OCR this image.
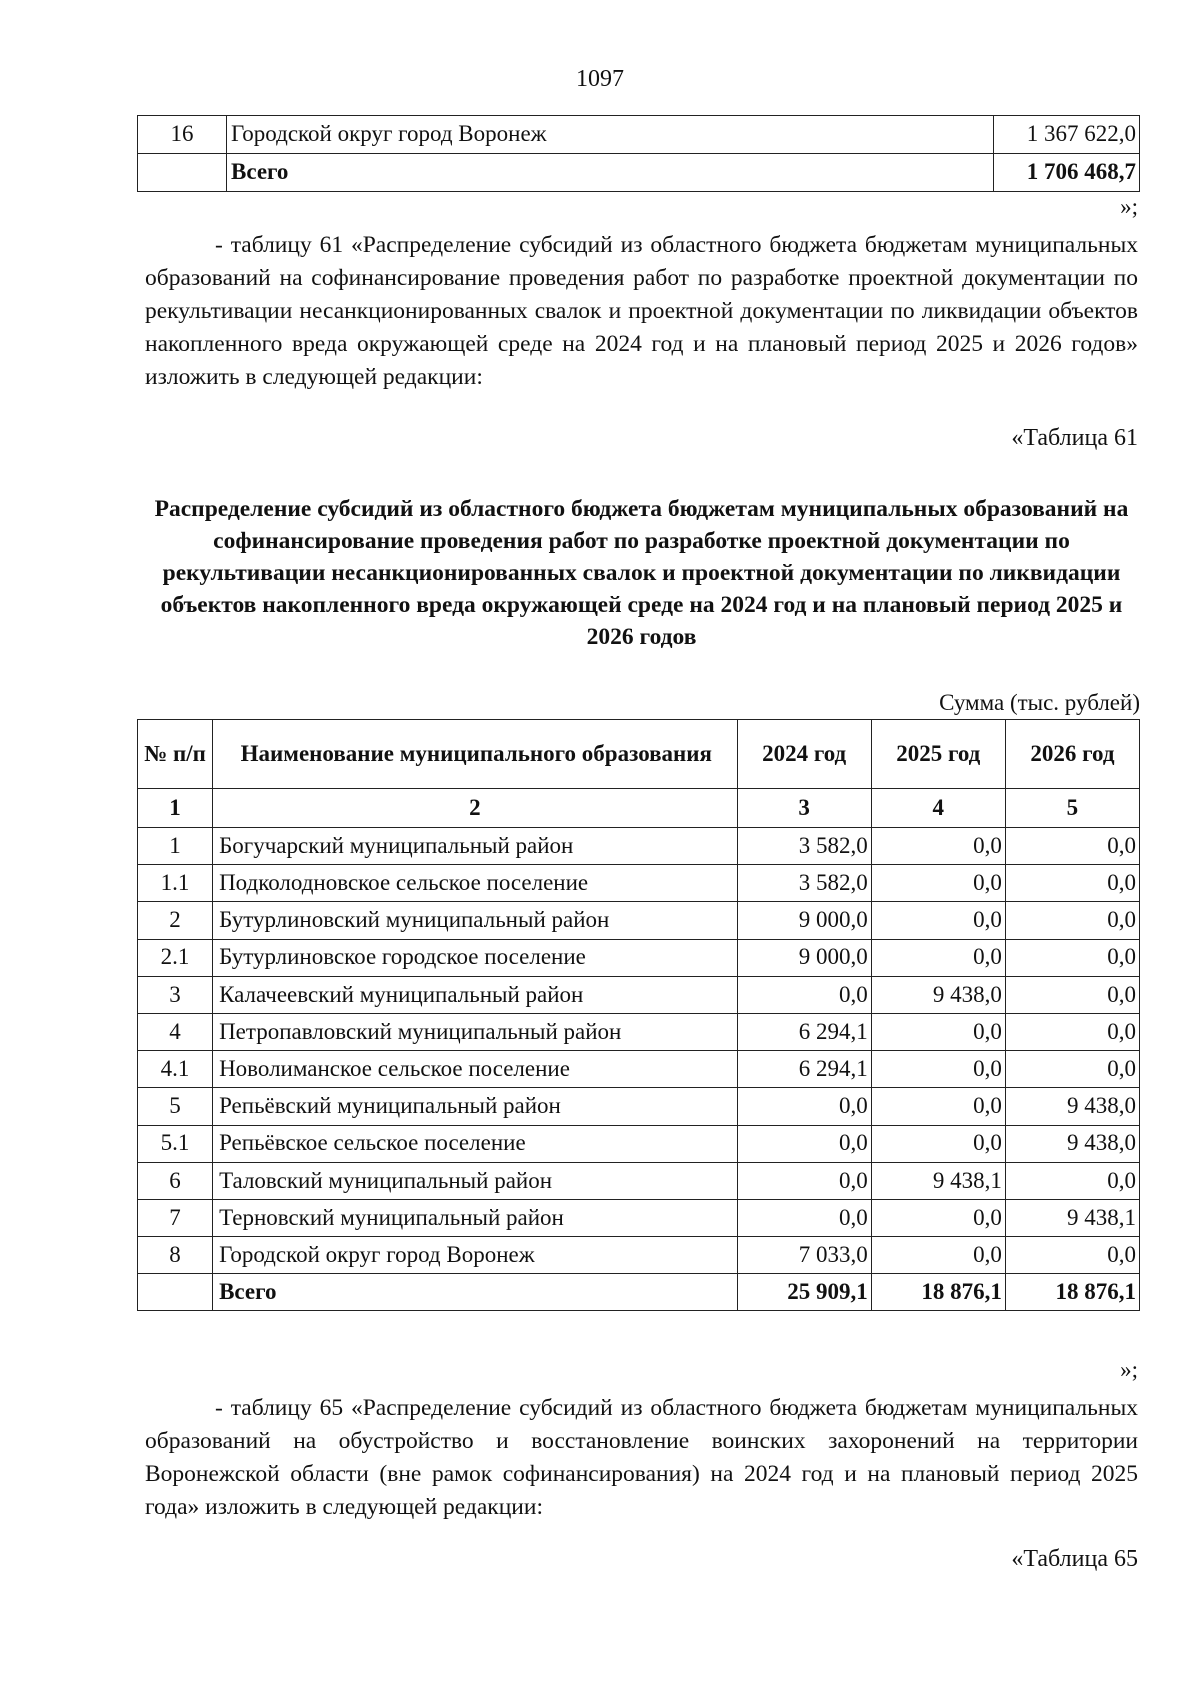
1097
16	Городской округ город Воронеж	1 367 622,0
	Всего	1 706 468,7
»;

- таблицу 61 «Распределение субсидий из областного бюджета бюджетам муниципальных образований на софинансирование проведения работ по разработке проектной документации по рекультивации несанкционированных свалок и проектной документации по ликвидации объектов накопленного вреда окружающей среде на 2024 год и на плановый период 2025 и 2026 годов» изложить в следующей редакции:

«Таблица 61

Распределение субсидий из областного бюджета бюджетам муниципальных образований на софинансирование проведения работ по разработке проектной документации по рекультивации несанкционированных свалок и проектной документации по ликвидации объектов накопленного вреда окружающей среде на 2024 год и на плановый период 2025 и 2026 годов

Сумма (тыс. рублей)
№ п/п	Наименование муниципального образования	2024 год	2025 год	2026 год
1	2	3	4	5
1	Богучарский муниципальный район	3 582,0	0,0	0,0
1.1	Подколодновское сельское поселение	3 582,0	0,0	0,0
2	Бутурлиновский муниципальный район	9 000,0	0,0	0,0
2.1	Бутурлиновское городское поселение	9 000,0	0,0	0,0
3	Калачеевский муниципальный район	0,0	9 438,0	0,0
4	Петропавловский муниципальный район	6 294,1	0,0	0,0
4.1	Новолиманское сельское поселение	6 294,1	0,0	0,0
5	Репьёвский муниципальный район	0,0	0,0	9 438,0
5.1	Репьёвское сельское поселение	0,0	0,0	9 438,0
6	Таловский муниципальный район	0,0	9 438,1	0,0
7	Терновский муниципальный район	0,0	0,0	9 438,1
8	Городской округ город Воронеж	7 033,0	0,0	0,0
	Всего	25 909,1	18 876,1	18 876,1
»;

- таблицу 65 «Распределение субсидий из областного бюджета бюджетам муниципальных образований на обустройство и восстановление воинских захоронений на территории Воронежской области (вне рамок софинансирования) на 2024 год и на плановый период 2025 года» изложить в следующей редакции:

«Таблица 65
